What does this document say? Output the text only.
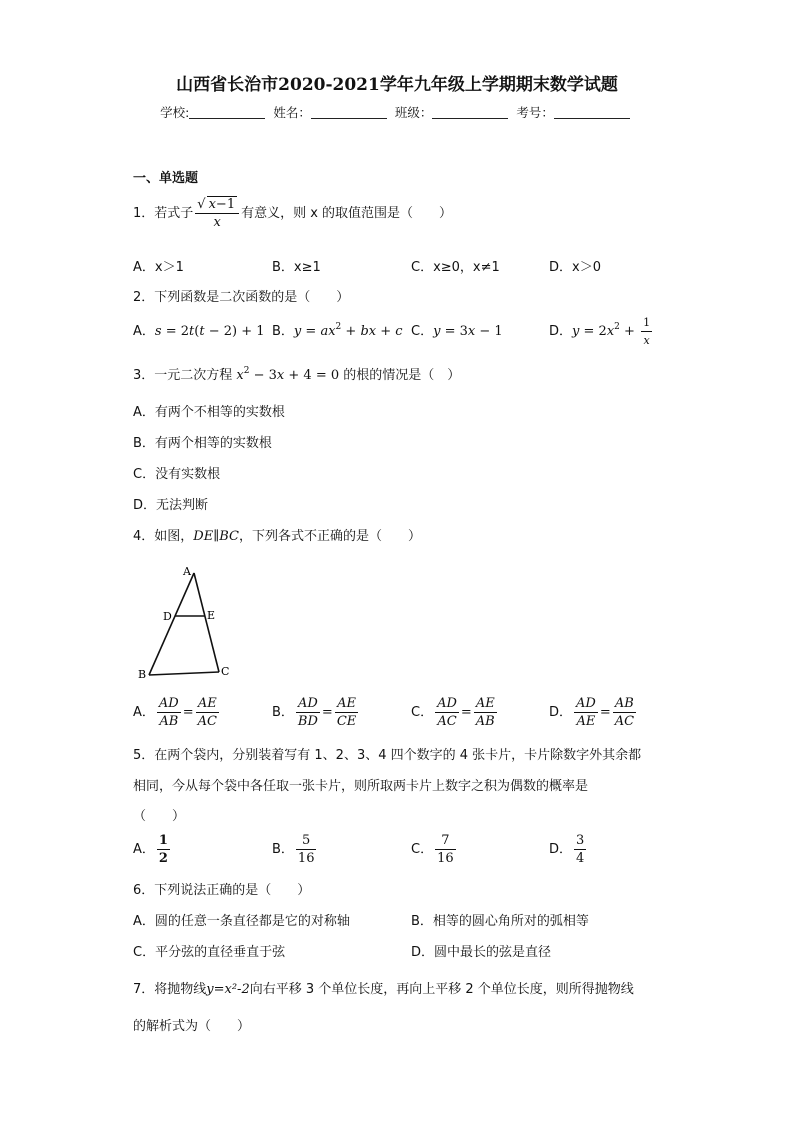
山西省长治市2020-2021学年九年级上学期期末数学试题
学校:	姓名：	班级：	考号：
一、单选题
1．若式子 $\frac{√ x-1}{x}$ 有意义，则 x 的取值范围是（　　）
A．x＞1	B．x≥1	C．x≥0，x≠1	D．x＞0
2．下列函数是二次函数的是（　　）
A．s = 2t(t − 2) + 1 B．$y = ax^2$ + bx + c C．y = 3x − 1	D．$y = 2x^2 + \frac{1}{x}$
3．一元二次方程 $x^2 - 3x + 4 = 0$ 的根的情况是（　）
A．有两个不相等的实数根
B．有两个相等的实数根
C．没有实数根
D．无法判断
4．如图，DE∥BC，下列各式不正确的是（　　）
A
D	E
B	C
A． $\frac{AD}{AB} = \frac{AE}{AC}$	B． $\frac{AD}{BD} = \frac{AE}{CE}$	C． $\frac{AD}{AC} = \frac{AE}{AB}$	D． $\frac{AD}{AE} = \frac{AB}{AC}$
5．在两个袋内，分别装着写有 1、2、3、4 四个数字的 4 张卡片，卡片除数字外其余都
相同，今从每个袋中各任取一张卡片，则所取两卡片上数字之积为偶数的概率是
（　　）
A． $\frac{1}{2}$	B． $\frac{5}{16}$	C． $\frac{7}{16}$	D． $\frac{3}{4}$
6．下列说法正确的是（　　）
A．圆的任意一条直径都是它的对称轴	B．相等的圆心角所对的弧相等
C．平分弦的直径垂直于弦	D．圆中最长的弦是直径
7．将抛物线y=x²-2向右平移 3 个单位长度，再向上平移 2 个单位长度，则所得抛物线
的解析式为（　　）
